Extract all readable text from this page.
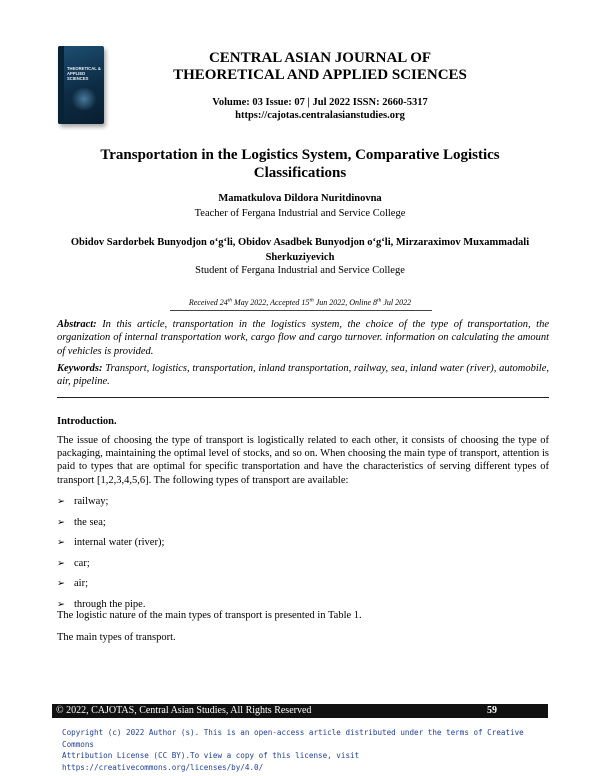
THEORETICAL & APPLIED SCIENCES
CENTRAL ASIAN JOURNAL OF THEORETICAL AND APPLIED SCIENCES
Volume: 03 Issue: 07 | Jul 2022 ISSN: 2660-5317
https://cajotas.centralasianstudies.org
Transportation in the Logistics System, Comparative Logistics Classifications
Mamatkulova Dildora Nuritdinovna
Teacher of Fergana Industrial and Service College
Obidov Sardorbek Bunyodjon o‘g‘li, Obidov Asadbek Bunyodjon o‘g‘li, Mirzaraximov Muxammadali Sherkuziyevich
Student of Fergana Industrial and Service College
Received 24th May 2022, Accepted 15th Jun 2022, Online 8th Jul 2022
Abstract: In this article, transportation in the logistics system, the choice of the type of transportation, the organization of internal transportation work, cargo flow and cargo turnover. information on calculating the amount of vehicles is provided.
Keywords: Transport, logistics, transportation, inland transportation, railway, sea, inland water (river), automobile, air, pipeline.
Introduction.
The issue of choosing the type of transport is logistically related to each other, it consists of choosing the type of packaging, maintaining the optimal level of stocks, and so on. When choosing the main type of transport, attention is paid to types that are optimal for specific transportation and have the characteristics of serving different types of transport [1,2,3,4,5,6]. The following types of transport are available:
➢ railway;
➢ the sea;
➢ internal water (river);
➢ car;
➢ air;
➢ through the pipe.
The logistic nature of the main types of transport is presented in Table 1.
The main types of transport.
© 2022, CAJOTAS, Central Asian Studies, All Rights Reserved	59
Copyright (c) 2022 Author (s). This is an open-access article distributed under the terms of Creative Commons
Attribution License (CC BY).To view a copy of this license, visit https://creativecommons.org/licenses/by/4.0/
